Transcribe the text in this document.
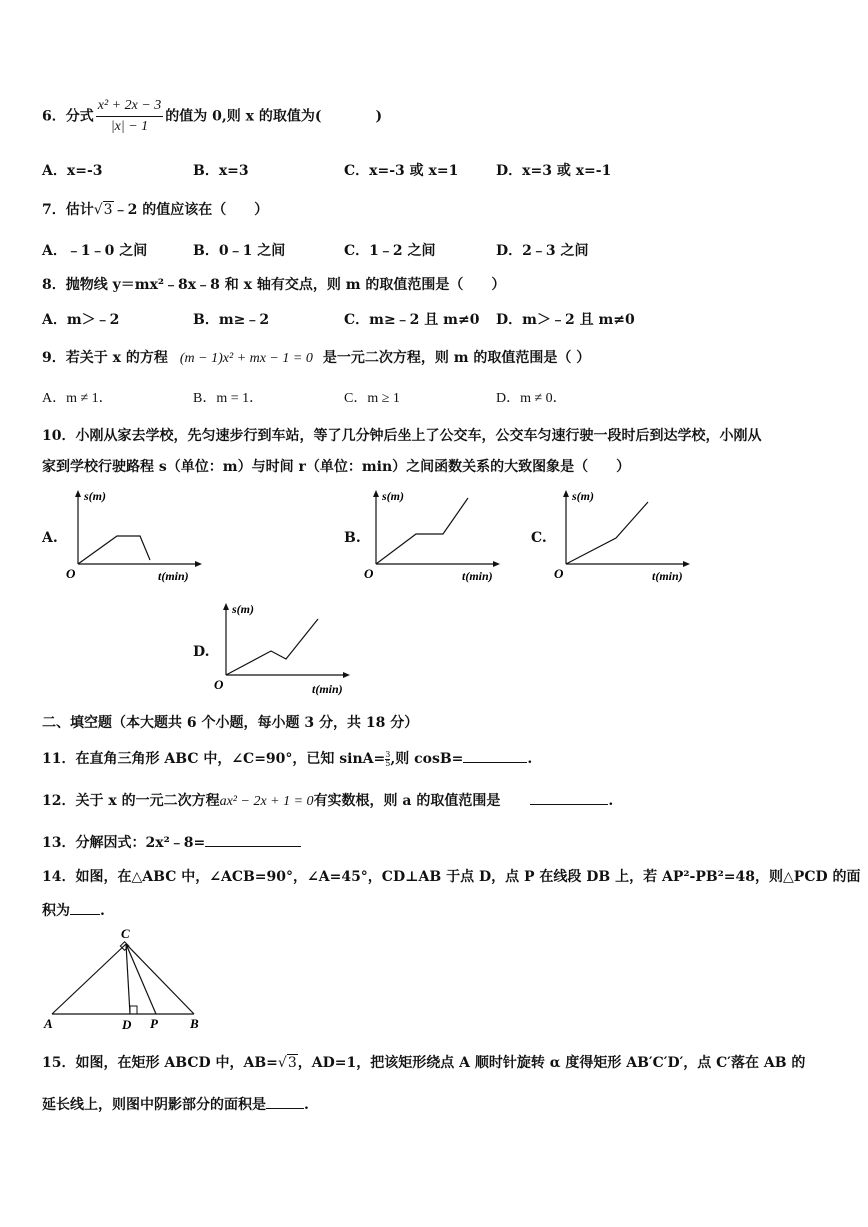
6．分式 $\frac{\text{x² + 2x − 3}}{|x| - 1}$ 的值为 0,则 x 的取值为(	)
A．x=-3	B．x=3	C．x=-3 或 x=1	D．x=3 或 x=-1
7．估计√3﹣2 的值应该在（　　）
A．﹣1﹣0 之间	B．0﹣1 之间	C．1﹣2 之间	D．2﹣3 之间
8．抛物线 y＝mx²﹣8x﹣8 和 x 轴有交点，则 m 的取值范围是（　　）
A．m＞﹣2	B．m≥﹣2	C．m≥﹣2 且 m≠0 D．m＞﹣2 且 m≠0
9．若关于 x 的方程 (m − 1)x² + mx − 1 = 0 是一元二次方程，则 m 的取值范围是（ ）
A．m ≠ 1．	B．m = 1．	C．m ≥ 1	D．m ≠ 0．
10．小刚从家去学校，先匀速步行到车站，等了几分钟后坐上了公交车，公交车匀速行驶一段时后到达学校，小刚从
家到学校行驶路程 s（单位：m）与时间 r（单位：min）之间函数关系的大致图象是（　　）
A.
s(m)
O	t(min)
B.
s(m)
O	t(min)
C.
s(m)
O	t(min)
D.
s(m)
O	t(min)
二、填空题（本大题共 6 个小题，每小题 3 分，共 18 分）
11．在直角三角形 ABC 中，∠C=90°，已知 $\sin A= \frac{3}{5}$ ,则 cosB=	.
12．关于 x 的一元二次方程ax² − 2x + 1 = 0有实数根，则 a 的取值范围是	.
13．分解因式：2x²﹣8=
14．如图，在△ABC 中，∠ACB=90°，∠A=45°，CD⊥AB 于点 D，点 P 在线段 DB 上，若 AP²-PB²=48，则△PCD 的面
积为 .
C
A	D P B
15．如图，在矩形 ABCD 中，AB=√3，AD=1，把该矩形绕点 A 顺时针旋转 α 度得矩形 AB′C′D′，点 C′落在 AB 的
延长线上，则图中阴影部分的面积是	.
